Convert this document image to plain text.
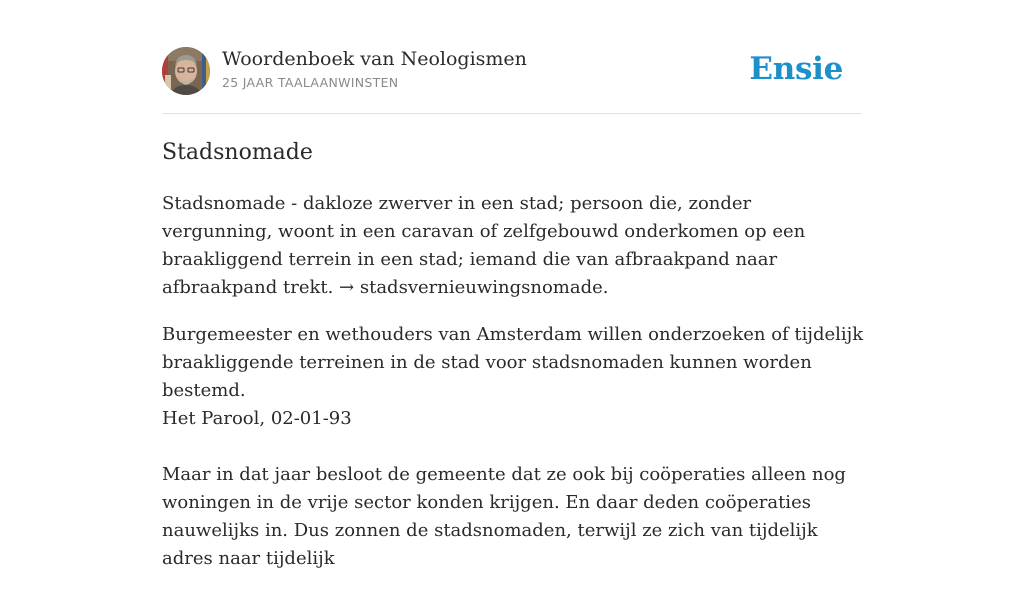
Woordenboek van Neologismen
25 JAAR TAALAANWINSTEN	Ensie
Stadsnomade

Stadsnomade - dakloze zwerver in een stad; persoon die, zonder vergunning, woont in een caravan of zelfgebouwd onderkomen op een braakliggend terrein in een stad; iemand die van afbraakpand naar afbraakpand trekt. → stadsvernieuwingsnomade.

Burgemeester en wethouders van Amsterdam willen onderzoeken of tijdelijk braakliggende terreinen in de stad voor stadsnomaden kunnen worden bestemd.
Het Parool, 02-01-93

Maar in dat jaar besloot de gemeente dat ze ook bij coöperaties alleen nog woningen in de vrije sector konden krijgen. En daar deden coöperaties nauwelijks in. Dus zonnen de stadsnomaden, terwijl ze zich van tijdelijk adres naar tijdelijk
